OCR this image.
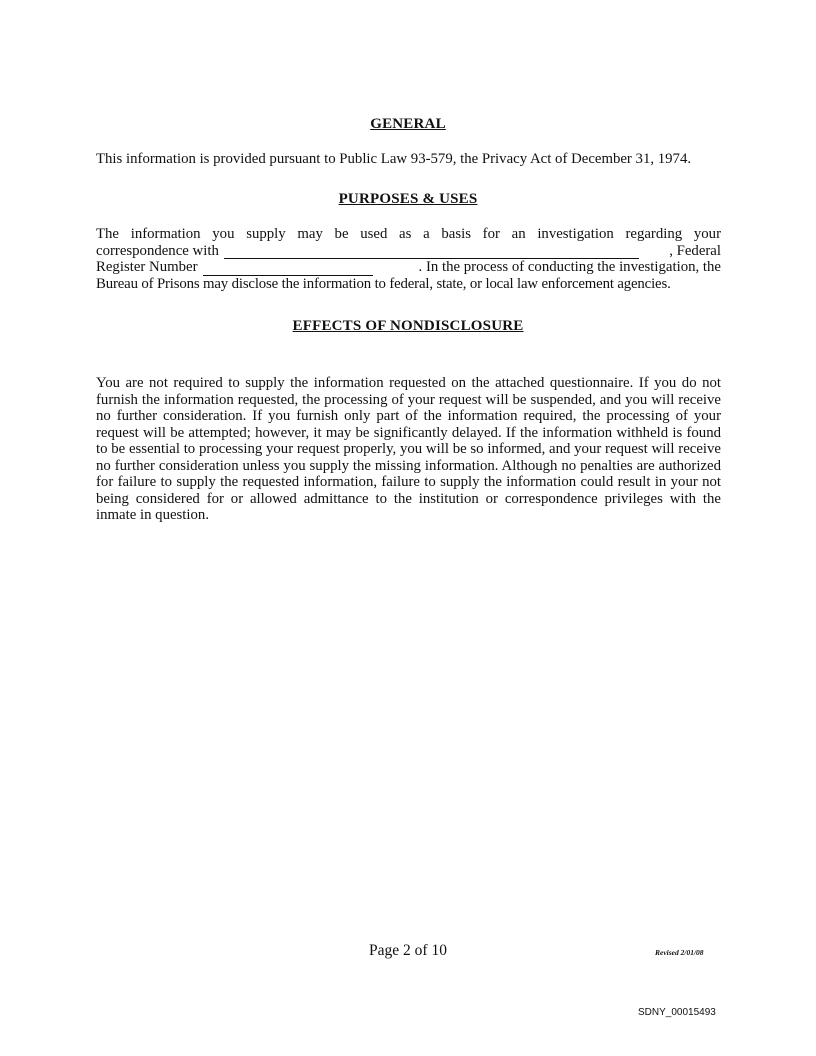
GENERAL
This information is provided pursuant to Public Law 93-579, the Privacy Act of December 31, 1974.
PURPOSES & USES
The information you supply may be used as a basis for an investigation regarding your
correspondence with	, Federal
Register Number	. In the process of conducting the investigation, the
Bureau of Prisons may disclose the information to federal, state, or local law enforcement agencies.
EFFECTS OF NONDISCLOSURE
You are not required to supply the information requested on the attached questionnaire. If you do not furnish the information requested, the processing of your request will be suspended, and you will receive no further consideration. If you furnish only part of the information required, the processing of your request will be attempted; however, it may be significantly delayed. If the information withheld is found to be essential to processing your request properly, you will be so informed, and your request will receive no further consideration unless you supply the missing information. Although no penalties are authorized for failure to supply the requested information, failure to supply the information could result in your not being considered for or allowed admittance to the institution or correspondence privileges with the inmate in question.
Page 2 of 10	Revised 2/01/08
SDNY_00015493
